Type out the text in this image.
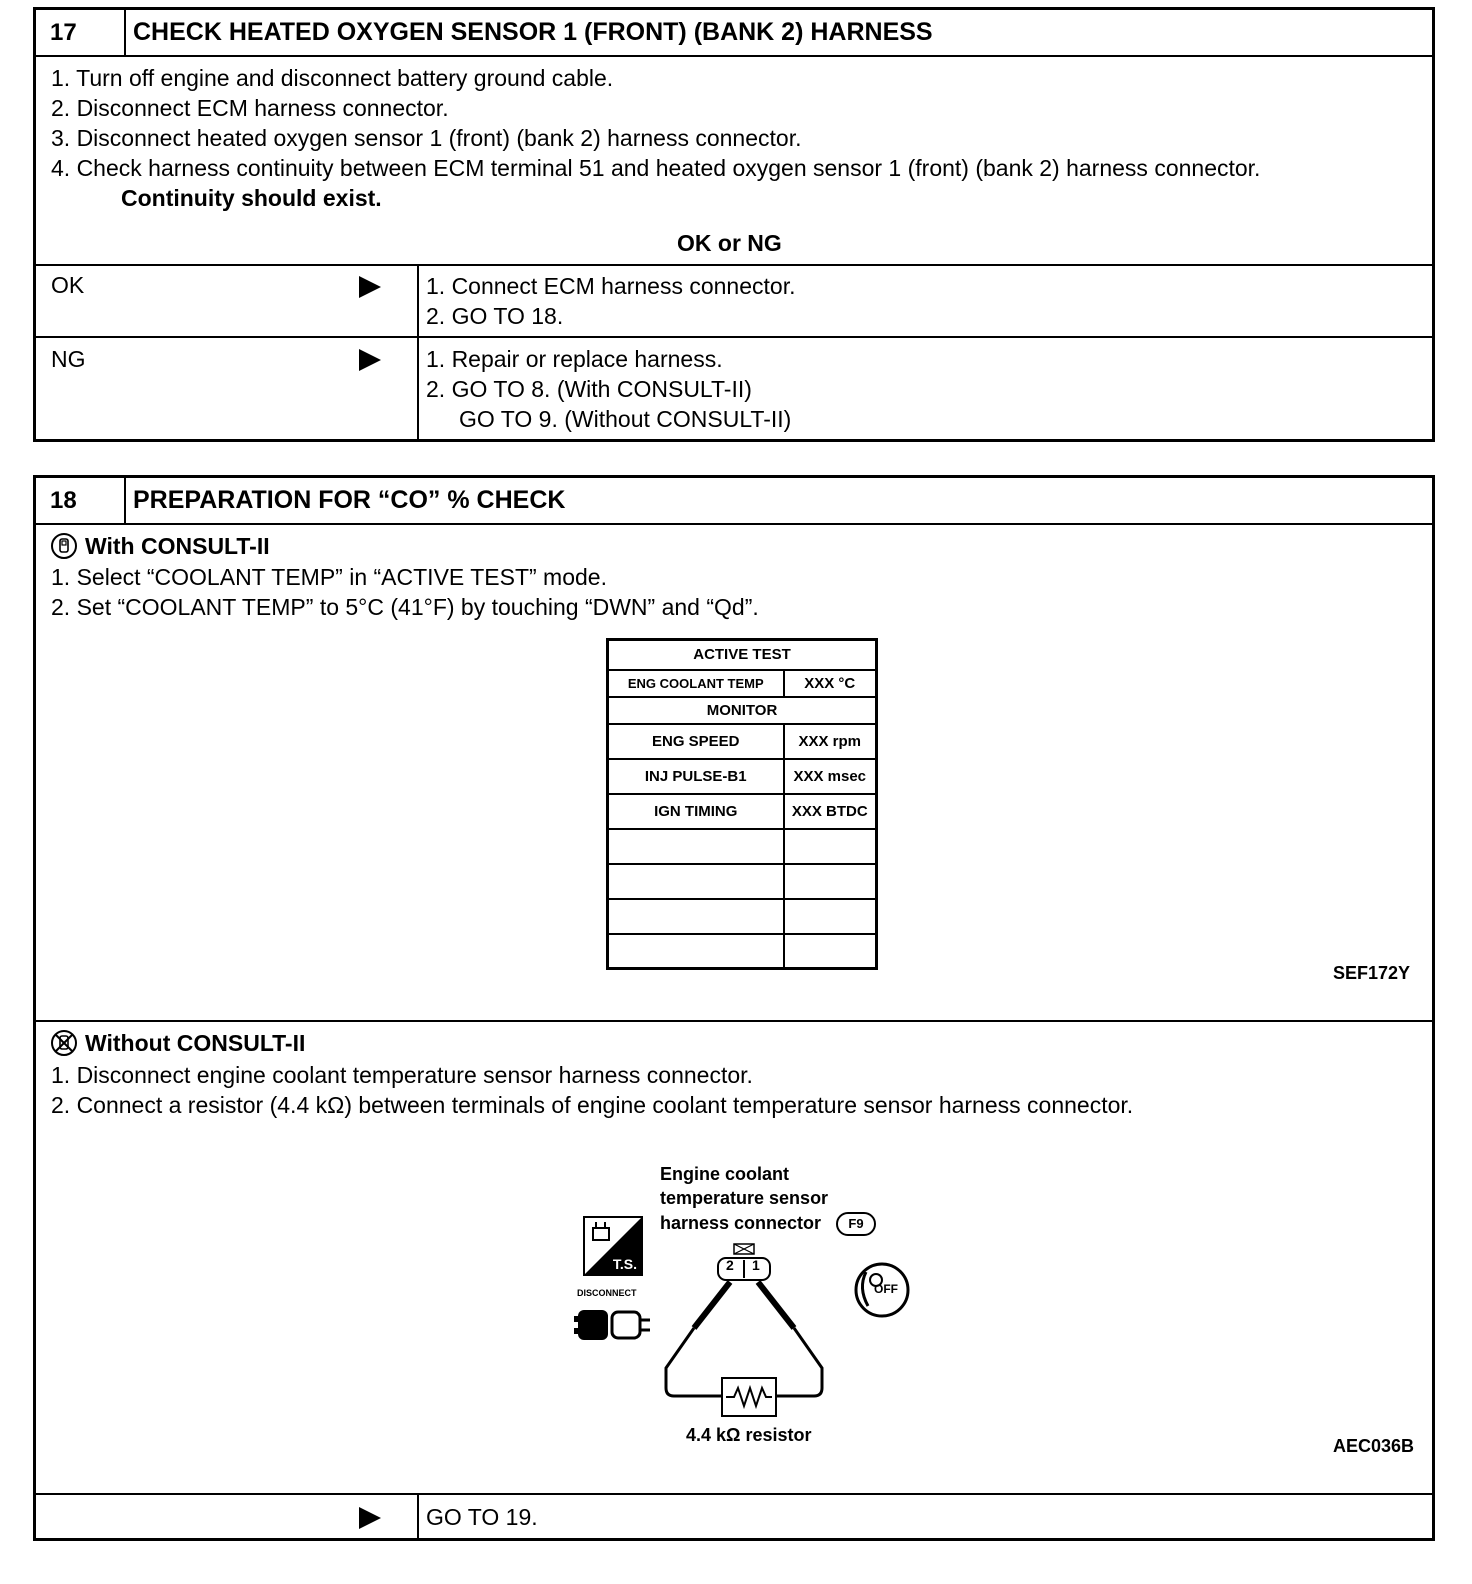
17	CHECK HEATED OXYGEN SENSOR 1 (FRONT) (BANK 2) HARNESS
1. Turn off engine and disconnect battery ground cable.
2. Disconnect ECM harness connector.
3. Disconnect heated oxygen sensor 1 (front) (bank 2) harness connector.
4. Check harness continuity between ECM terminal 51 and heated oxygen sensor 1 (front) (bank 2) harness connector.
Continuity should exist.
OK or NG
OK	1. Connect ECM harness connector.
2. GO TO 18.
NG	1. Repair or replace harness.
2. GO TO 8. (With CONSULT-II)
GO TO 9. (Without CONSULT-II)
18	PREPARATION FOR “CO” % CHECK
With CONSULT-II
1. Select “COOLANT TEMP” in “ACTIVE TEST” mode.
2. Set “COOLANT TEMP” to 5°C (41°F) by touching “DWN” and “Qd”.
ACTIVE TEST	
ENG COOLANT TEMP	XXX °C
MONITOR	
ENG SPEED	XXX rpm
INJ PULSE-B1	XXX msec
IGN TIMING	XXX BTDC

SEF172Y
Without CONSULT-II
1. Disconnect engine coolant temperature sensor harness connector.
2. Connect a resistor (4.4 kΩ) between terminals of engine coolant temperature sensor harness connector.
Engine coolant
temperature sensor
harness connector	F9
T.S.
DISCONNECT	OFF
2 1
4.4 kΩ resistor
AEC036B
GO TO 19.
